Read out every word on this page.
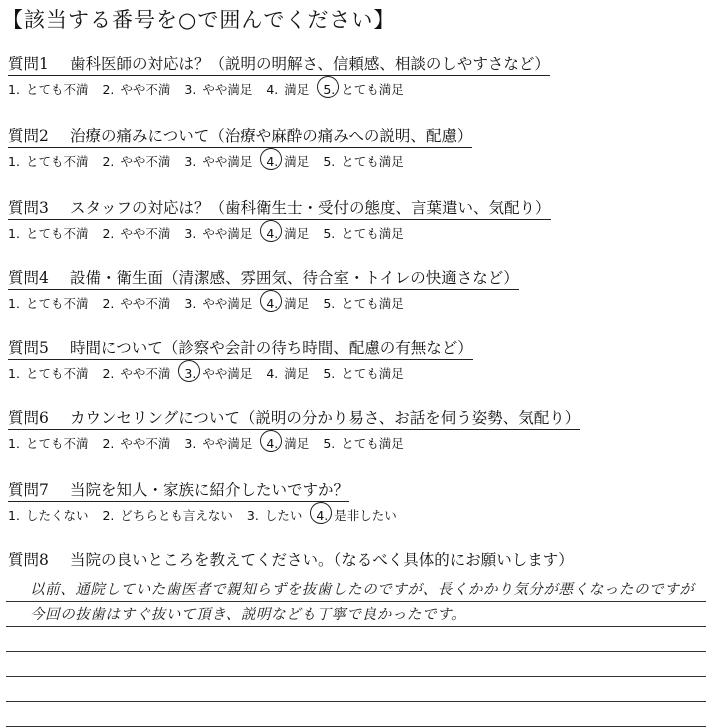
【該当する番号を○で囲んでください】
質問1 歯科医師の対応は？（説明の明解さ、信頼感、相談のしやすさなど）
1. とても不満 2. やや不満 3. やや満足 4. 満足 5. とても満足
質問2 治療の痛みについて（治療や麻酔の痛みへの説明、配慮）
1. とても不満 2. やや不満 3. やや満足 4. 満足 5. とても満足
質問3 スタッフの対応は？（歯科衛生士・受付の態度、言葉遣い、気配り）
1. とても不満 2. やや不満 3. やや満足 4. 満足 5. とても満足
質問4 設備・衛生面（清潔感、雰囲気、待合室・トイレの快適さなど）
1. とても不満 2. やや不満 3. やや満足 4. 満足 5. とても満足
質問5 時間について（診察や会計の待ち時間、配慮の有無など）
1. とても不満 2. やや不満 3. やや満足 4. 満足 5. とても満足
質問6 カウンセリングについて（説明の分かり易さ、お話を伺う姿勢、気配り）
1. とても不満 2. やや不満 3. やや満足 4. 満足 5. とても満足
質問7 当院を知人・家族に紹介したいですか？
1. したくない 2. どちらとも言えない 3. したい 4. 是非したい
質問8 当院の良いところを教えてください。（なるべく具体的にお願いします）
以前、通院していた歯医者で親知らずを抜歯したのですが、長くかかり気分が悪くなったのですが
今回の抜歯はすぐ抜いて頂き、説明なども丁寧で良かったです。
